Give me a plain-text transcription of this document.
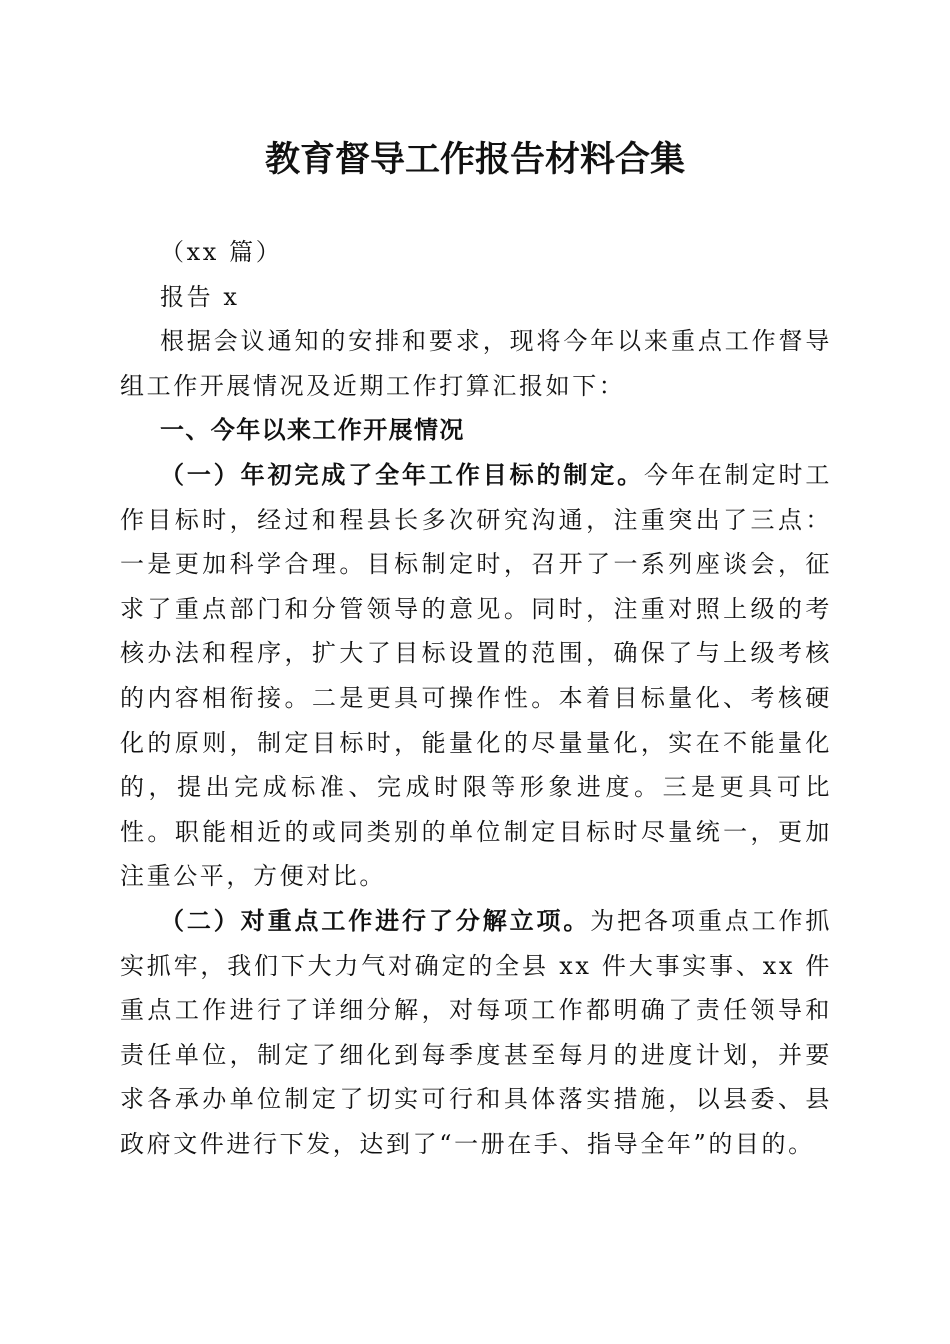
教育督导工作报告材料合集

（xx 篇）

报告 x

根据会议通知的安排和要求，现将今年以来重点工作督导组工作开展情况及近期工作打算汇报如下：

一、今年以来工作开展情况

（一）年初完成了全年工作目标的制定。今年在制定时工作目标时，经过和程县长多次研究沟通，注重突出了三点：一是更加科学合理。目标制定时，召开了一系列座谈会，征求了重点部门和分管领导的意见。同时，注重对照上级的考核办法和程序，扩大了目标设置的范围，确保了与上级考核的内容相衔接。二是更具可操作性。本着目标量化、考核硬化的原则，制定目标时，能量化的尽量量化，实在不能量化的，提出完成标准、完成时限等形象进度。三是更具可比性。职能相近的或同类别的单位制定目标时尽量统一，更加注重公平，方便对比。

（二）对重点工作进行了分解立项。为把各项重点工作抓实抓牢，我们下大力气对确定的全县 xx 件大事实事、xx 件重点工作进行了详细分解，对每项工作都明确了责任领导和责任单位，制定了细化到每季度甚至每月的进度计划，并要求各承办单位制定了切实可行和具体落实措施，以县委、县政府文件进行下发，达到了“一册在手、指导全年”的目的。
